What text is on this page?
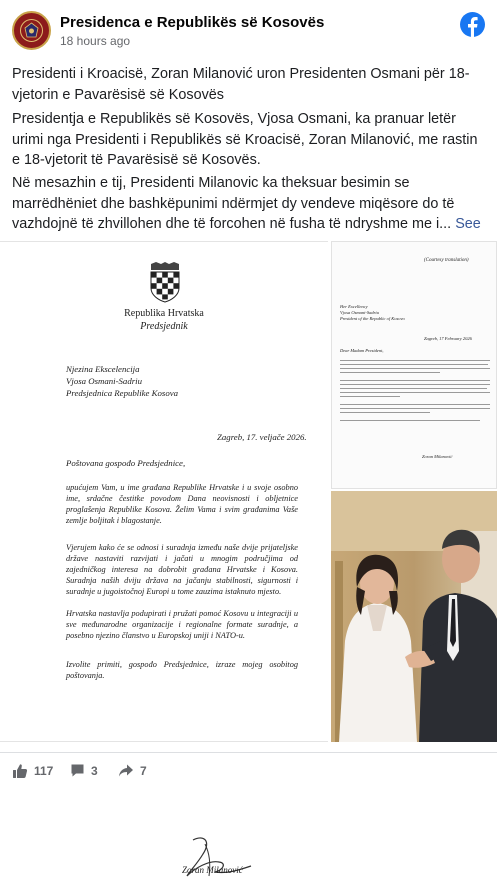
Presidenca e Republikës së Kosovës
18 hours ago
Presidenti i Kroacisë, Zoran Milanović uron Presidenten Osmani për 18-vjetorin e Pavarësisë së Kosovës
Presidentja e Republikës së Kosovës, Vjosa Osmani, ka pranuar letër urimi nga Presidenti i Republikës së Kroacisë, Zoran Milanović, me rastin e 18-vjetorit të Pavarësisë së Kosovës.
Në mesazhin e tij, Presidenti Milanovic ka theksuar besimin se marrëdhëniet dhe bashkëpunimi ndërmjet dy vendeve miqësore do të vazhdojnë të zhvillohen dhe të forcohen në fusha të ndryshme me i... See
Republika Hrvatska
Predsjednik
Njezina Ekscelencija
Vjosa Osmani-Sadriu
Predsjednica Republike Kosova
Zagreb, 17. veljače 2026.
Poštovana gospođo Predsjednice,
upućujem Vam, u ime građana Republike Hrvatske i u svoje osobno ime, srdačne čestitke povodom Dana neovisnosti i obljetnice proglašenja Republike Kosova. Želim Vama i svim građanima Vaše zemlje boljitak i blagostanje.
Vjerujem kako će se odnosi i suradnja između naše dvije prijateljske države nastaviti razvijati i jačati u mnogim područjima od zajedničkog interesa na dobrobit građana Hrvatske i Kosova. Suradnja naših dviju država na jačanju stabilnosti, sigurnosti i suradnje u jugoistočnoj Europi u tome zauzima istaknuto mjesto.
Hrvatska nastavlja podupirati i pružati pomoć Kosovu u integraciji u sve međunarodne organizacije i regionalne formate suradnje, a posebno njezino članstvo u Europskoj uniji i NATO-u.
Izvolite primiti, gospođo Predsjednice, izraze mojeg osobitog poštovanja.
Zoran Milanović
(Courtesy translation)
Her Excellency
Vjosa Osmani-Sadriu
President of the Republic of Kosovo
Zagreb, 17 February 2026
Dear Madam President,
Zoran Milanović
117	3	7
